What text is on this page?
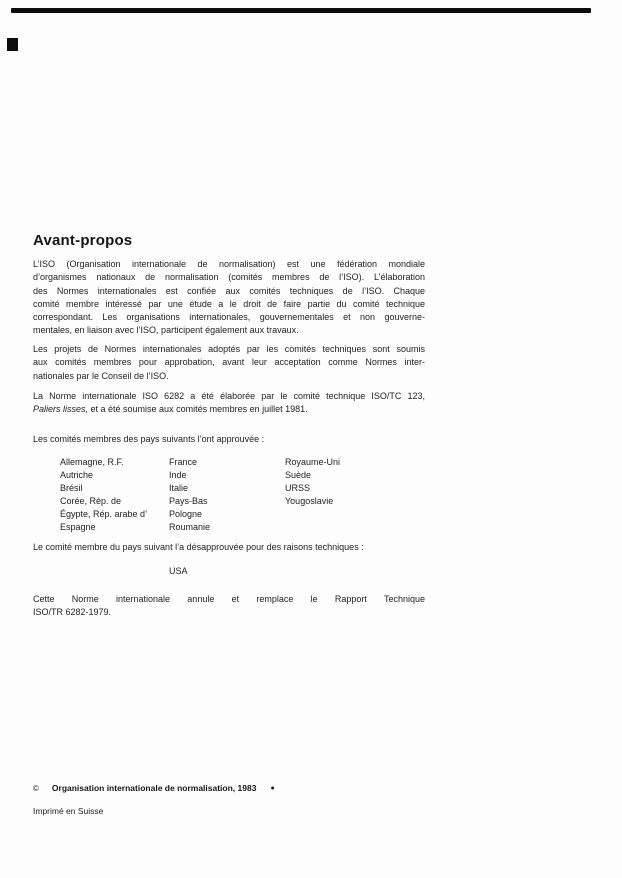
Avant-propos
L’ISO (Organisation internationale de normalisation) est une fédération mondiale
d’organismes nationaux de normalisation (comités membres de l’ISO). L’élaboration
des Normes internationales est confiée aux comités techniques de l’ISO. Chaque
comité membre intéressé par une étude a le droit de faire partie du comité technique
correspondant. Les organisations internationales, gouvernementales et non gouverne-
mentales, en liaison avec l’ISO, participent également aux travaux.
Les projets de Normes internationales adoptés par les comités techniques sont soumis
aux comités membres pour approbation, avant leur acceptation comme Normes inter-
nationales par le Conseil de l’ISO.
La Norme internationale ISO 6282 a été élaborée par le comité technique ISO/TC 123,
Paliers lisses, et a été soumise aux comités membres en juillet 1981.
Les comités membres des pays suivants l’ont approuvée :
Allemagne, R.F.
Autriche
Brésil
Corée, Rép. de
Égypte, Rép. arabe d’
Espagne
France
Inde
Italie
Pays-Bas
Pologne
Roumanie
Royaume-Uni
Suède
URSS
Yougoslavie
Le comité membre du pays suivant l’a désapprouvée pour des raisons techniques :
USA
Cette Norme internationale annule et remplace le Rapport Technique
ISO/TR 6282-1979.
© Organisation internationale de normalisation, 1983 ●
Imprimé en Suisse
